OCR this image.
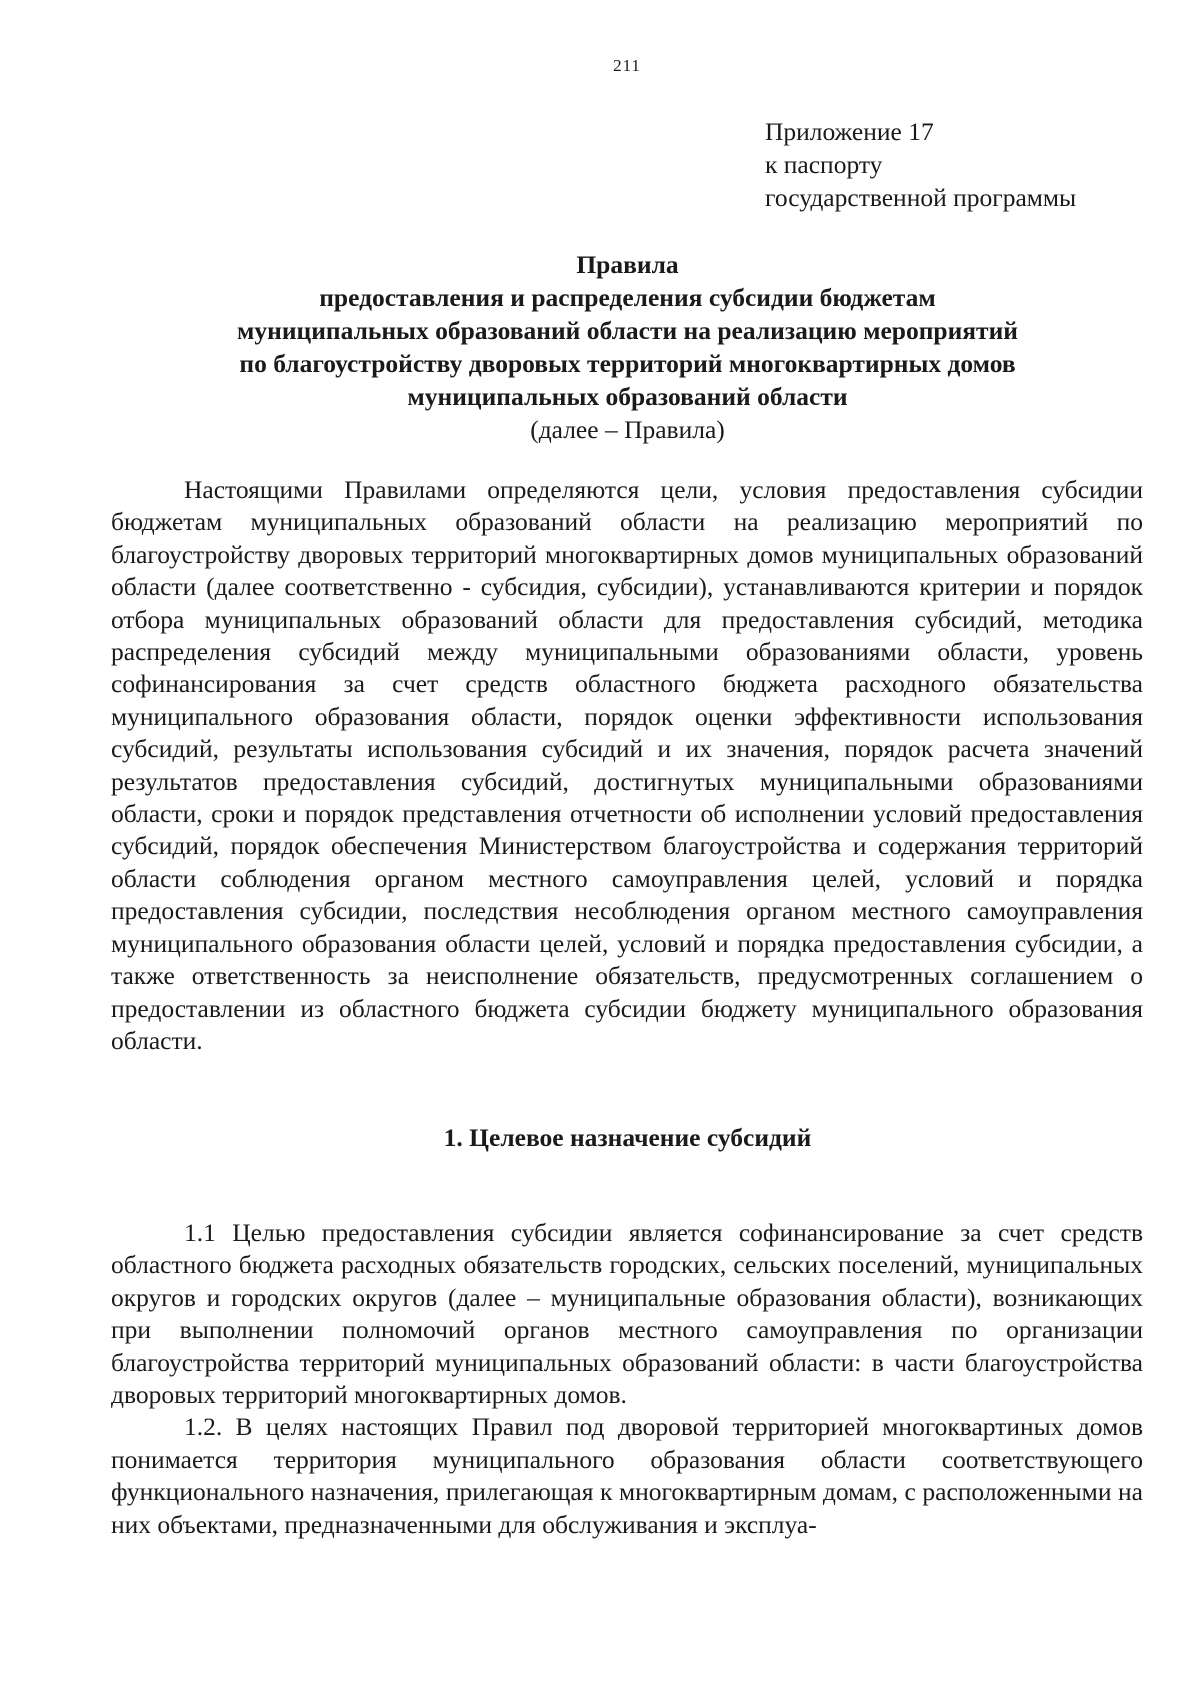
211
Приложение 17
к паспорту
государственной программы
Правила
предоставления и распределения субсидии бюджетам
муниципальных образований области на реализацию мероприятий
по благоустройству дворовых территорий многоквартирных домов
муниципальных образований области
(далее – Правила)

Настоящими Правилами определяются цели, условия предоставления субсидии бюджетам муниципальных образований области на реализацию мероприятий по благоустройству дворовых территорий многоквартирных домов муниципальных образований области (далее соответственно - субсидия, субсидии), устанавливаются критерии и порядок отбора муниципальных образований области для предоставления субсидий, методика распределения субсидий между муниципальными образованиями области, уровень софинансирования за счет средств областного бюджета расходного обязательства муниципального образования области, порядок оценки эффективности использования субсидий, результаты использования субсидий и их значения, порядок расчета значений результатов предоставления субсидий, достигнутых муниципальными образованиями области, сроки и порядок представления отчетности об исполнении условий предоставления субсидий, порядок обеспечения Министерством благоустройства и содержания территорий области соблюдения органом местного самоуправления целей, условий и порядка предоставления субсидии, последствия несоблюдения органом местного самоуправления муниципального образования области целей, условий и порядка предоставления субсидии, а также ответственность за неисполнение обязательств, предусмотренных соглашением о предоставлении из областного бюджета субсидии бюджету муниципального образования области.

1. Целевое назначение субсидий

1.1 Целью предоставления субсидии является софинансирование за счет средств областного бюджета расходных обязательств городских, сельских поселений, муниципальных округов и городских округов (далее – муниципальные образования области), возникающих при выполнении полномочий органов местного самоуправления по организации благоустройства территорий муниципальных образований области: в части благоустройства дворовых территорий многоквартирных домов.

1.2. В целях настоящих Правил под дворовой территорией многоквартиных домов понимается территория муниципального образования области соответствующего функционального назначения, прилегающая к многоквартирным домам, с расположенными на них объектами, предназначенными для обслуживания и эксплуа-
